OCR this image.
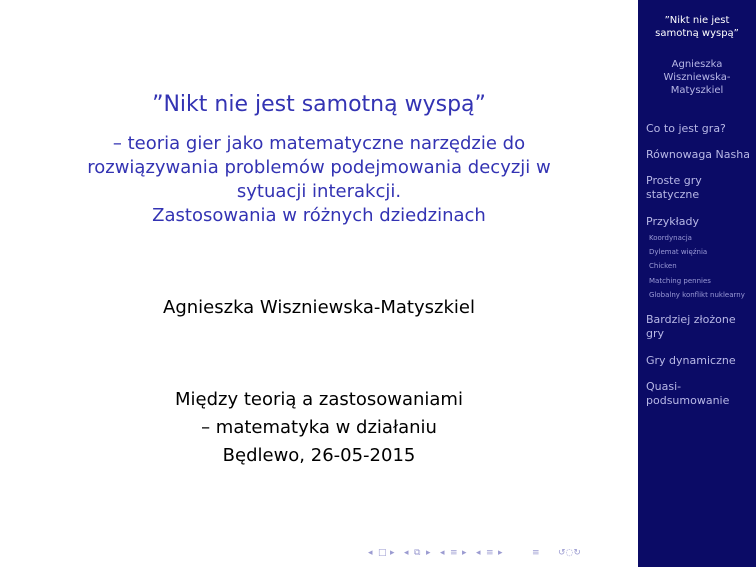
”Nikt nie jest samotną wyspą”
– teoria gier jako matematyczne narzędzie do
rozwiązywania problemów podejmowania decyzji w
sytuacji interakcji.
Zastosowania w różnych dziedzinach
Agnieszka Wiszniewska-Matyszkiel
Między teorią a zastosowaniami
– matematyka w działaniu
Będlewo, 26-05-2015
◂ □ ▸ ◂ ⧉ ▸ ◂ ≡ ▸ ◂ ≡ ▸	≡ ↺◌↻
”Nikt nie jest
samotną wyspą”
Agnieszka
Wiszniewska-
Matyszkiel
Co to jest gra?
Równowaga Nasha
Proste gry
statyczne
Przykłady
Koordynacja
Dylemat więźnia
Chicken
Matching pennies
Globalny konflikt nuklearny
Bardziej złożone
gry
Gry dynamiczne
Quasi-
podsumowanie
